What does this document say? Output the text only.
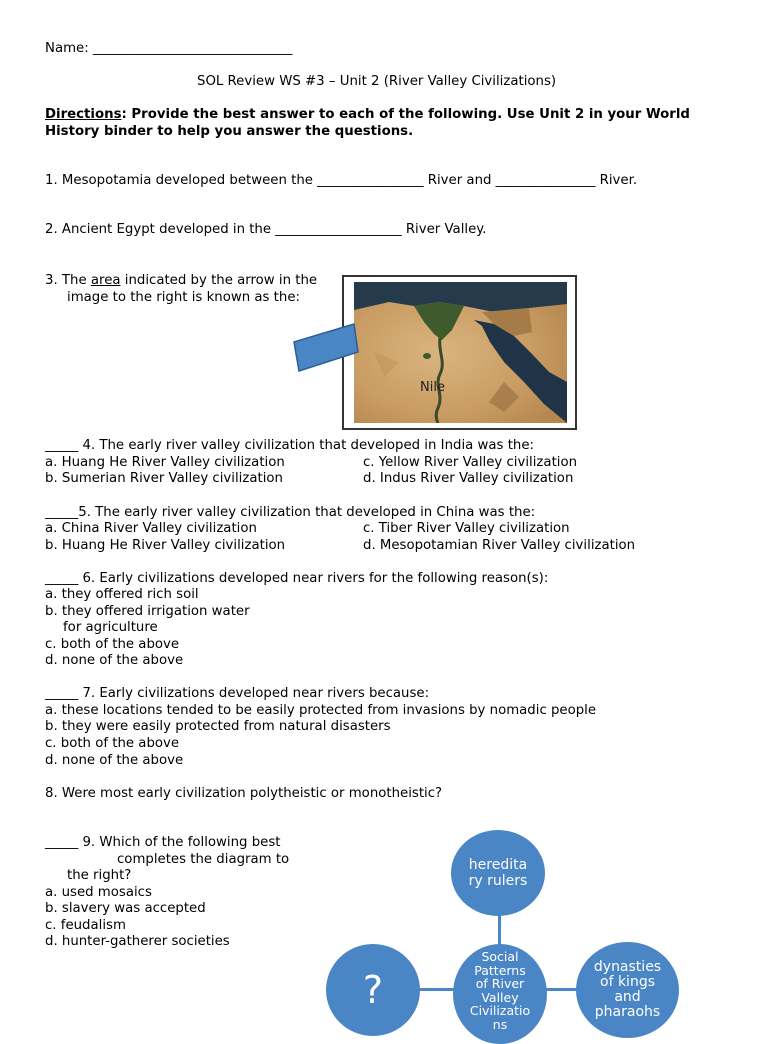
Name: ______________________________
SOL Review WS #3 – Unit 2 (River Valley Civilizations)
Directions: Provide the best answer to each of the following. Use Unit 2 in your World
History binder to help you answer the questions.
1. Mesopotamia developed between the ________________ River and _______________ River.
2. Ancient Egypt developed in the ___________________ River Valley.
3. The area indicated by the arrow in the
image to the right is known as the:
Nile
_____ 4. The early river valley civilization that developed in India was the:
a. Huang He River Valley civilization
b. Sumerian River Valley civilization
c. Yellow River Valley civilization
d. Indus River Valley civilization
_____5. The early river valley civilization that developed in China was the:
a. China River Valley civilization
b. Huang He River Valley civilization
c. Tiber River Valley civilization
d. Mesopotamian River Valley civilization
_____ 6. Early civilizations developed near rivers for the following reason(s):
a. they offered rich soil
b. they offered irrigation water
for agriculture
c. both of the above
d. none of the above
_____ 7. Early civilizations developed near rivers because:
a. these locations tended to be easily protected from invasions by nomadic people
b. they were easily protected from natural disasters
c. both of the above
d. none of the above
8. Were most early civilization polytheistic or monotheistic?
_____ 9. Which of the following best
completes the diagram to
the right?
a. used mosaics
b. slavery was accepted
c. feudalism
d. hunter-gatherer societies
heredita
ry rulers
Social
Patterns
of River
Valley
Civilizatio
ns
?
dynasties
of kings
and
pharaohs
